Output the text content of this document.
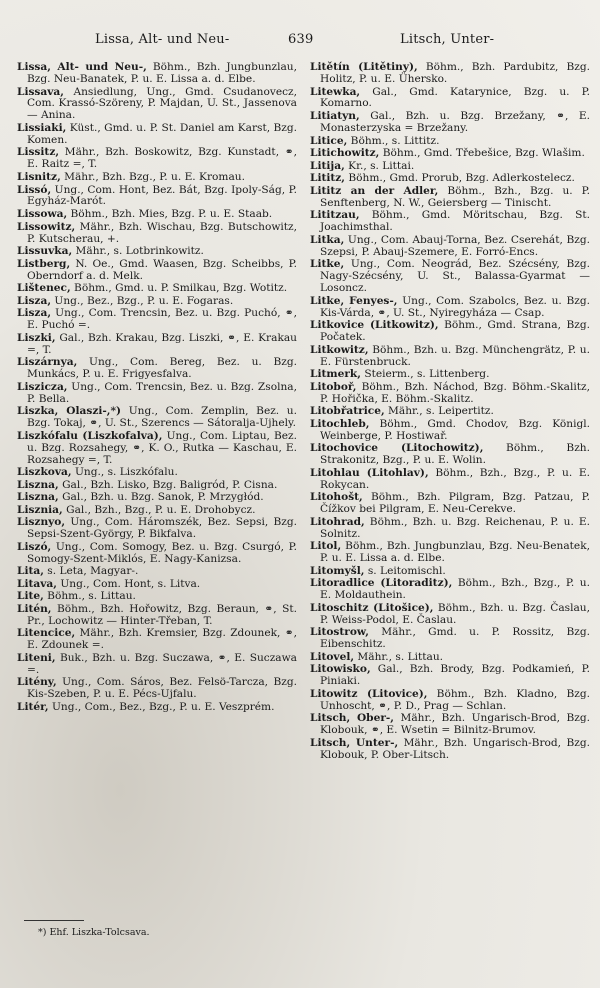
Lissa, Alt- und Neu-	639	Litsch, Unter-
Lissa, Alt- und Neu-, Böhm., Bzh. Jungbunzlau, Bzg. Neu-Banatek, P. u. E. Lissa a. d. Elbe.
Lissava, Ansiedlung, Ung., Gmd. Csudanovecz, Com. Krassó-Szöreny, P. Majdan, U. St., Jassenova — Anina.
Lissiaki, Küst., Gmd. u. P. St. Daniel am Karst, Bzg. Komen.
Lissitz, Mähr., Bzh. Boskowitz, Bzg. Kunstadt, ⚭, E. Raitz =, T.
Lisnitz, Mähr., Bzh. Bzg., P. u. E. Kromau.
Lissó, Ung., Com. Hont, Bez. Bát, Bzg. Ipoly-Ság, P. Egyház-Marót.
Lissowa, Böhm., Bzh. Mies, Bzg. P. u. E. Staab.
Lissowitz, Mähr., Bzh. Wischau, Bzg. Butschowitz, P. Kutscherau, +.
Lissuvka, Mähr., s. Lotbrinkowitz.
Listberg, N. Oe., Gmd. Waasen, Bzg. Scheibbs, P. Oberndorf a. d. Melk.
Lištenec, Böhm., Gmd. u. P. Smilkau, Bzg. Wotitz.
Lisza, Ung., Bez., Bzg., P. u. E. Fogaras.
Lisza, Ung., Com. Trencsin, Bez. u. Bzg. Puchó, ⚭, E. Puchó =.
Liszki, Gal., Bzh. Krakau, Bzg. Liszki, ⚭, E. Krakau =, T.
Liszárnya, Ung., Com. Bereg, Bez. u. Bzg. Munkács, P. u. E. Frigyesfalva.
Liszicza, Ung., Com. Trencsin, Bez. u. Bzg. Zsolna, P. Bella.
Liszka, Olaszi-,*) Ung., Com. Zemplin, Bez. u. Bzg. Tokaj, ⚭, U. St., Szerencs — Sátoralja-Ujhely.
Liszkófalu (Liszkofalva), Ung., Com. Liptau, Bez. u. Bzg. Rozsahegy, ⚭, K. O., Rutka — Kaschau, E. Rozsahegy =, T.
Liszkova, Ung., s. Liszkófalu.
Liszna, Gal., Bzh. Lisko, Bzg. Baligród, P. Cisna.
Liszna, Gal., Bzh. u. Bzg. Sanok, P. Mrzygłód.
Lisznia, Gal., Bzh., Bzg., P. u. E. Drohobycz.
Lisznyo, Ung., Com. Háromszék, Bez. Sepsi, Bzg. Sepsi-Szent-György, P. Bikfalva.
Liszó, Ung., Com. Somogy, Bez. u. Bzg. Csurgó, P. Somogy-Szent-Miklós, E. Nagy-Kanizsa.
Lita, s. Leta, Magyar-.
Litava, Ung., Com. Hont, s. Litva.
Lite, Böhm., s. Littau.
Litén, Böhm., Bzh. Hořowitz, Bzg. Beraun, ⚭, St. Pr., Lochowitz — Hinter-Třeban, T.
Litencice, Mähr., Bzh. Kremsier, Bzg. Zdounek, ⚭, E. Zdounek =.
Liteni, Buk., Bzh. u. Bzg. Suczawa, ⚭, E. Suczawa =.
Litény, Ung., Com. Sáros, Bez. Felsö-Tarcza, Bzg. Kis-Szeben, P. u. E. Pécs-Ujfalu.
Litér, Ung., Com., Bez., Bzg., P. u. E. Veszprém.
Litětín (Litětiny), Böhm., Bzh. Pardubitz, Bzg. Holitz, P. u. E. Ühersko.
Litewka, Gal., Gmd. Katarynice, Bzg. u. P. Komarno.
Litiatyn, Gal., Bzh. u. Bzg. Brzežany, ⚭, E. Monasterzyska = Brzežany.
Litice, Böhm., s. Littitz.
Litichowitz, Böhm., Gmd. Třebešice, Bzg. Wlašim.
Litija, Kr., s. Littai.
Lititz, Böhm., Gmd. Prorub, Bzg. Adlerkostelecz.
Lititz an der Adler, Böhm., Bzh., Bzg. u. P. Senftenberg, N. W., Geiersberg — Tinischt.
Lititzau, Böhm., Gmd. Möritschau, Bzg. St. Joachimsthal.
Litka, Ung., Com. Abauj-Torna, Bez. Cserehát, Bzg. Szepsi, P. Abauj-Szemere, E. Forró-Encs.
Litke, Ung., Com. Neográd, Bez. Szécsény, Bzg. Nagy-Szécsény, U. St., Balassa-Gyarmat — Losoncz.
Litke, Fenyes-, Ung., Com. Szabolcs, Bez. u. Bzg. Kis-Várda, ⚭, U. St., Nyiregyháza — Csap.
Litkovice (Litkowitz), Böhm., Gmd. Strana, Bzg. Počatek.
Litkowitz, Böhm., Bzh. u. Bzg. Münchengrätz, P. u. E. Fürstenbruck.
Litmerk, Steierm., s. Littenberg.
Litoboř, Böhm., Bzh. Náchod, Bzg. Böhm.-Skalitz, P. Hořička, E. Böhm.-Skalitz.
Litobřatrice, Mähr., s. Leipertitz.
Litochleb, Böhm., Gmd. Chodov, Bzg. Königl. Weinberge, P. Hostiwař.
Litochovice (Litochowitz), Böhm., Bzh. Strakonitz, Bzg., P. u. E. Wolin.
Litohlau (Litohlav), Böhm., Bzh., Bzg., P. u. E. Rokycan.
Litohošt, Böhm., Bzh. Pilgram, Bzg. Patzau, P. Čížkov bei Pilgram, E. Neu-Cerekve.
Litohrad, Böhm., Bzh. u. Bzg. Reichenau, P. u. E. Solnitz.
Litol, Böhm., Bzh. Jungbunzlau, Bzg. Neu-Benatek, P. u. E. Lissa a. d. Elbe.
Litomyšl, s. Leitomischl.
Litoradlice (Litoraditz), Böhm., Bzh., Bzg., P. u. E. Moldauthein.
Litoschitz (Litošice), Böhm., Bzh. u. Bzg. Časlau, P. Weiss-Podol, E. Časlau.
Litostrow, Mähr., Gmd. u. P. Rossitz, Bzg. Eibenschitz.
Litovel, Mähr., s. Littau.
Litowisko, Gal., Bzh. Brody, Bzg. Podkamień, P. Piniaki.
Litowitz (Litovice), Böhm., Bzh. Kladno, Bzg. Unhoscht, ⚭, P. D., Prag — Schlan.
Litsch, Ober-, Mähr., Bzh. Ungarisch-Brod, Bzg. Klobouk, ⚭, E. Wsetin = Bilnitz-Brumov.
Litsch, Unter-, Mähr., Bzh. Ungarisch-Brod, Bzg. Klobouk, P. Ober-Litsch.
*) Ehf. Liszka-Tolcsava.
